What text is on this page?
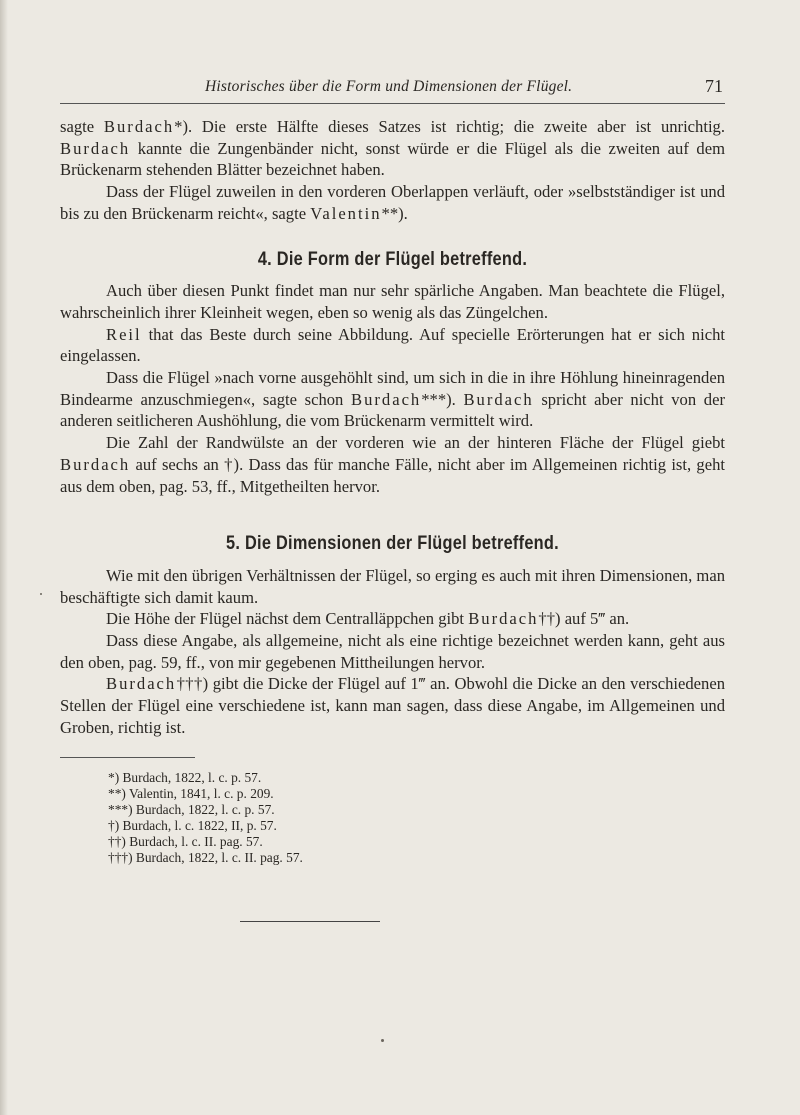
Historisches über die Form und Dimensionen der Flügel.	71

sagte Burdach*). Die erste Hälfte dieses Satzes ist richtig; die zweite aber ist unrichtig. Burdach kannte die Zungenbänder nicht, sonst würde er die Flügel als die zweiten auf dem Brückenarm stehenden Blätter bezeichnet haben.

Dass der Flügel zuweilen in den vorderen Oberlappen verläuft, oder »selbstständiger ist und bis zu den Brückenarm reicht«, sagte Valentin**).

4. Die Form der Flügel betreffend.

Auch über diesen Punkt findet man nur sehr spärliche Angaben. Man beachtete die Flügel, wahrscheinlich ihrer Kleinheit wegen, eben so wenig als das Züngelchen.

Reil that das Beste durch seine Abbildung. Auf specielle Erörterungen hat er sich nicht eingelassen.

Dass die Flügel »nach vorne ausgehöhlt sind, um sich in die in ihre Höhlung hineinragenden Bindearme anzuschmiegen«, sagte schon Burdach***). Burdach spricht aber nicht von der anderen seitlicheren Aushöhlung, die vom Brückenarm vermittelt wird.

Die Zahl der Randwülste an der vorderen wie an der hinteren Fläche der Flügel giebt Burdach auf sechs an †). Dass das für manche Fälle, nicht aber im Allgemeinen richtig ist, geht aus dem oben, pag. 53, ff., Mitgetheilten hervor.

5. Die Dimensionen der Flügel betreffend.

Wie mit den übrigen Verhältnissen der Flügel, so erging es auch mit ihren Dimensionen, man beschäftigte sich damit kaum.

Die Höhe der Flügel nächst dem Centralläppchen gibt Burdach††) auf 5‴ an.

Dass diese Angabe, als allgemeine, nicht als eine richtige bezeichnet werden kann, geht aus den oben, pag. 59, ff., von mir gegebenen Mittheilungen hervor.

Burdach†††) gibt die Dicke der Flügel auf 1‴ an. Obwohl die Dicke an den verschiedenen Stellen der Flügel eine verschiedene ist, kann man sagen, dass diese Angabe, im Allgemeinen und Groben, richtig ist.

*) Burdach, 1822, l. c. p. 57.
**) Valentin, 1841, l. c. p. 209.
***) Burdach, 1822, l. c. p. 57.
†) Burdach, l. c. 1822, II, p. 57.
††) Burdach, l. c. II. pag. 57.
†††) Burdach, 1822, l. c. II. pag. 57.
